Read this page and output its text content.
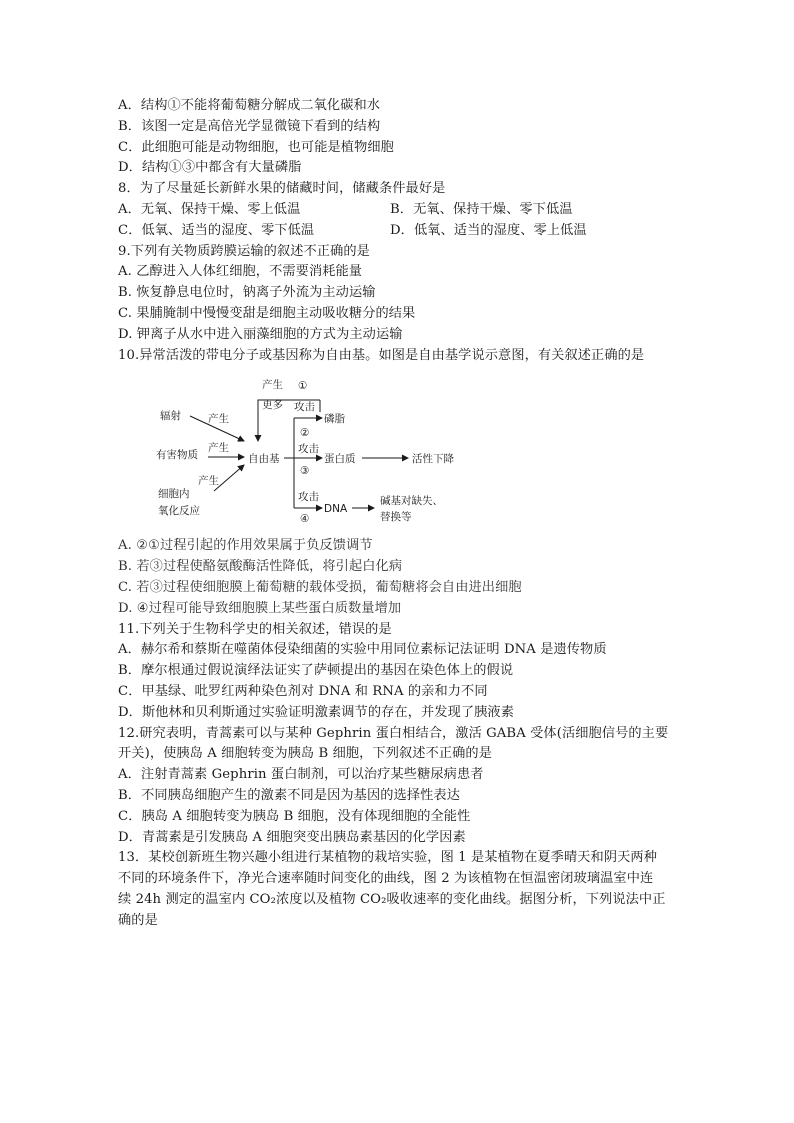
A．结构①不能将葡萄糖分解成二氧化碳和水
B．该图一定是高倍光学显微镜下看到的结构
C．此细胞可能是动物细胞，也可能是植物细胞
D．结构①③中都含有大量磷脂
8．为了尽量延长新鲜水果的储藏时间，储藏条件最好是
A．无氧、保持干燥、零上低温	B．无氧、保持干燥、零下低温
C．低氧、适当的湿度、零下低温	D．低氧、适当的湿度、零上低温
9.下列有关物质跨膜运输的叙述不正确的是
A. 乙醇进入人体红细胞，不需要消耗能量
B. 恢复静息电位时，钠离子外流为主动运输
C. 果脯腌制中慢慢变甜是细胞主动吸收糖分的结果
D. 钾离子从水中进入丽藻细胞的方式为主动运输
10.异常活泼的带电分子或基因称为自由基。如图是自由基学说示意图，有关叙述正确的是
辐射
有害物质
细胞内
氧化反应
产生
产生
产生
自由基
产生
更多
①
攻击
磷脂
②
攻击
蛋白质	活性下降
③
攻击
④
DNA
碱基对缺失、
替换等
A. ②①过程引起的作用效果属于负反馈调节
B. 若③过程使酪氨酸酶活性降低，将引起白化病
C. 若③过程使细胞膜上葡萄糖的载体受损，葡萄糖将会自由进出细胞
D. ④过程可能导致细胞膜上某些蛋白质数量增加
11.下列关于生物科学史的相关叙述，错误的是
A．赫尔希和蔡斯在噬菌体侵染细菌的实验中用同位素标记法证明 DNA 是遗传物质
B．摩尔根通过假说演绎法证实了萨顿提出的基因在染色体上的假说
C．甲基绿、吡罗红两种染色剂对 DNA 和 RNA 的亲和力不同
D．斯他林和贝利斯通过实验证明激素调节的存在，并发现了胰液素
12.研究表明，青蒿素可以与某种 Gephrin 蛋白相结合，激活 GABA 受体(活细胞信号的主要
开关)，使胰岛 A 细胞转变为胰岛 B 细胞，下列叙述不正确的是
A．注射青蒿素 Gephrin 蛋白制剂，可以治疗某些糖尿病患者
B．不同胰岛细胞产生的激素不同是因为基因的选择性表达
C．胰岛 A 细胞转变为胰岛 B 细胞，没有体现细胞的全能性
D．青蒿素是引发胰岛 A 细胞突变出胰岛素基因的化学因素
13．某校创新班生物兴趣小组进行某植物的栽培实验，图 1 是某植物在夏季晴天和阴天两种
不同的环境条件下，净光合速率随时间变化的曲线，图 2 为该植物在恒温密闭玻璃温室中连
续 24h 测定的温室内 CO₂浓度以及植物 CO₂吸收速率的变化曲线。据图分析，下列说法中正
确的是
